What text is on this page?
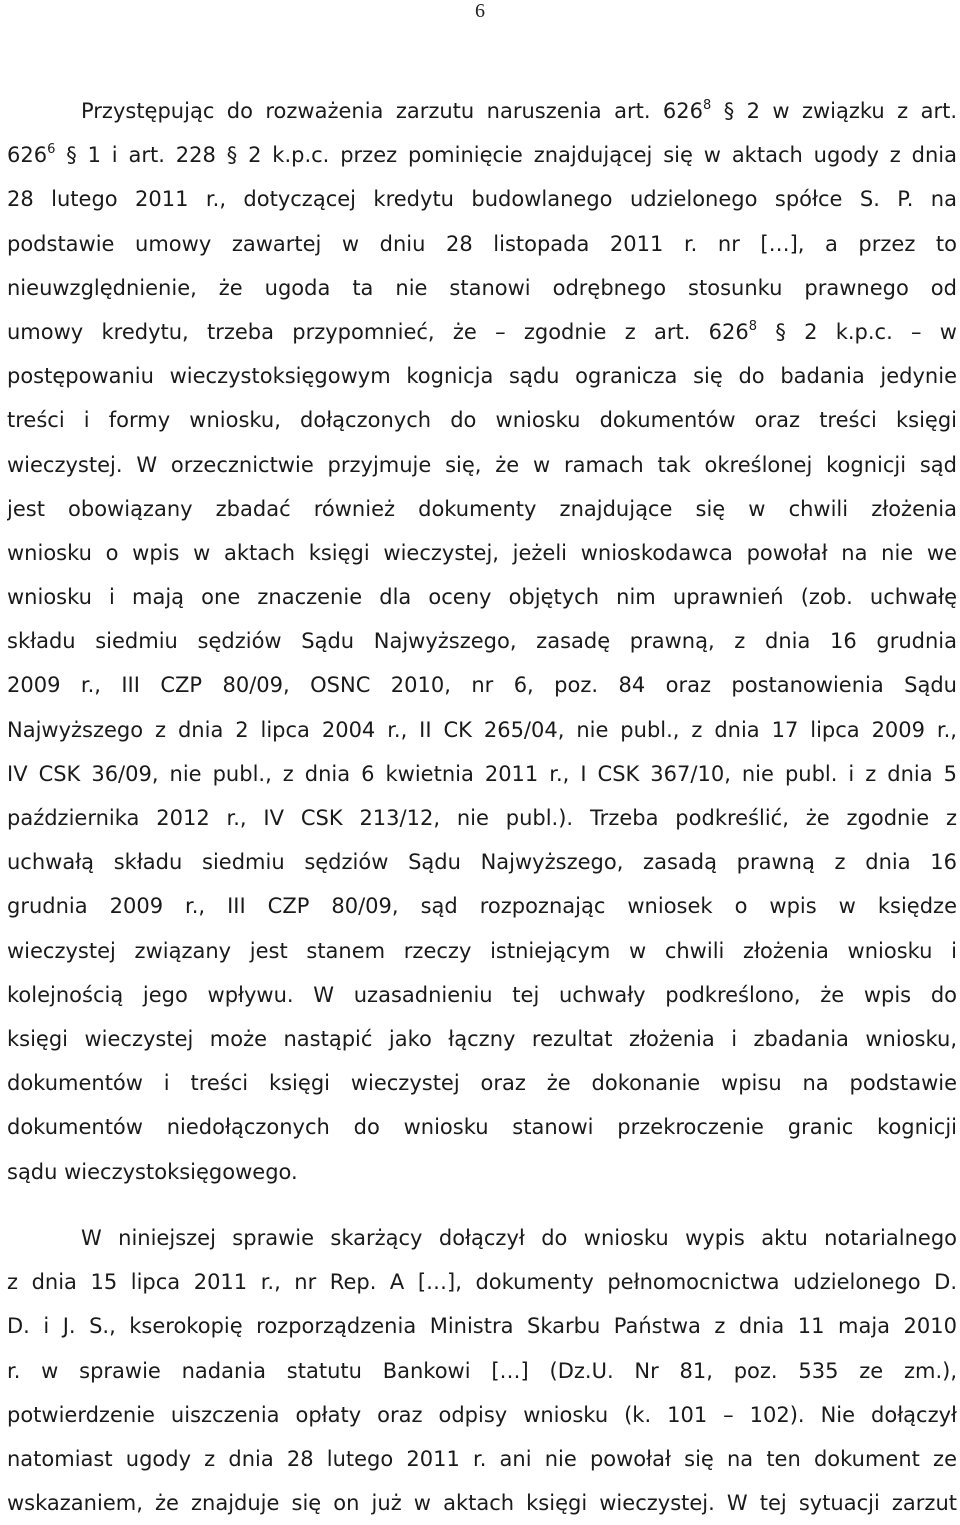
6
Przystępując do rozważenia zarzutu naruszenia art. $626^8$ § 2 w związku z art.
$626^6$ § 1 i art. 228 § 2 k.p.c. przez pominięcie znajdującej się w aktach ugody z dnia
28 lutego 2011 r., dotyczącej kredytu budowlanego udzielonego spółce S. P. na
podstawie umowy zawartej w dniu 28 listopada 2011 r. nr […], a przez to
nieuwzględnienie, że ugoda ta nie stanowi odrębnego stosunku prawnego od
umowy kredytu, trzeba przypomnieć, że – zgodnie z art. $626^8$ § 2 k.p.c. – w
postępowaniu wieczystoksięgowym kognicja sądu ogranicza się do badania jedynie
treści i formy wniosku, dołączonych do wniosku dokumentów oraz treści księgi
wieczystej. W orzecznictwie przyjmuje się, że w ramach tak określonej kognicji sąd
jest obowiązany zbadać również dokumenty znajdujące się w chwili złożenia
wniosku o wpis w aktach księgi wieczystej, jeżeli wnioskodawca powołał na nie we
wniosku i mają one znaczenie dla oceny objętych nim uprawnień (zob. uchwałę
składu siedmiu sędziów Sądu Najwyższego, zasadę prawną, z dnia 16 grudnia
2009 r., III CZP 80/09, OSNC 2010, nr 6, poz. 84 oraz postanowienia Sądu
Najwyższego z dnia 2 lipca 2004 r., II CK 265/04, nie publ., z dnia 17 lipca 2009 r.,
IV CSK 36/09, nie publ., z dnia 6 kwietnia 2011 r., I CSK 367/10, nie publ. i z dnia 5
października 2012 r., IV CSK 213/12, nie publ.). Trzeba podkreślić, że zgodnie z
uchwałą składu siedmiu sędziów Sądu Najwyższego, zasadą prawną z dnia 16
grudnia 2009 r., III CZP 80/09, sąd rozpoznając wniosek o wpis w księdze
wieczystej związany jest stanem rzeczy istniejącym w chwili złożenia wniosku i
kolejnością jego wpływu. W uzasadnieniu tej uchwały podkreślono, że wpis do
księgi wieczystej może nastąpić jako łączny rezultat złożenia i zbadania wniosku,
dokumentów i treści księgi wieczystej oraz że dokonanie wpisu na podstawie
dokumentów niedołączonych do wniosku stanowi przekroczenie granic kognicji
sądu wieczystoksięgowego.
W niniejszej sprawie skarżący dołączył do wniosku wypis aktu notarialnego
z dnia 15 lipca 2011 r., nr Rep. A […], dokumenty pełnomocnictwa udzielonego D.
D. i J. S., kserokopię rozporządzenia Ministra Skarbu Państwa z dnia 11 maja 2010
r. w sprawie nadania statutu Bankowi […] (Dz.U. Nr 81, poz. 535 ze zm.),
potwierdzenie uiszczenia opłaty oraz odpisy wniosku (k. 101 – 102). Nie dołączył
natomiast ugody z dnia 28 lutego 2011 r. ani nie powołał się na ten dokument ze
wskazaniem, że znajduje się on już w aktach księgi wieczystej. W tej sytuacji zarzut
